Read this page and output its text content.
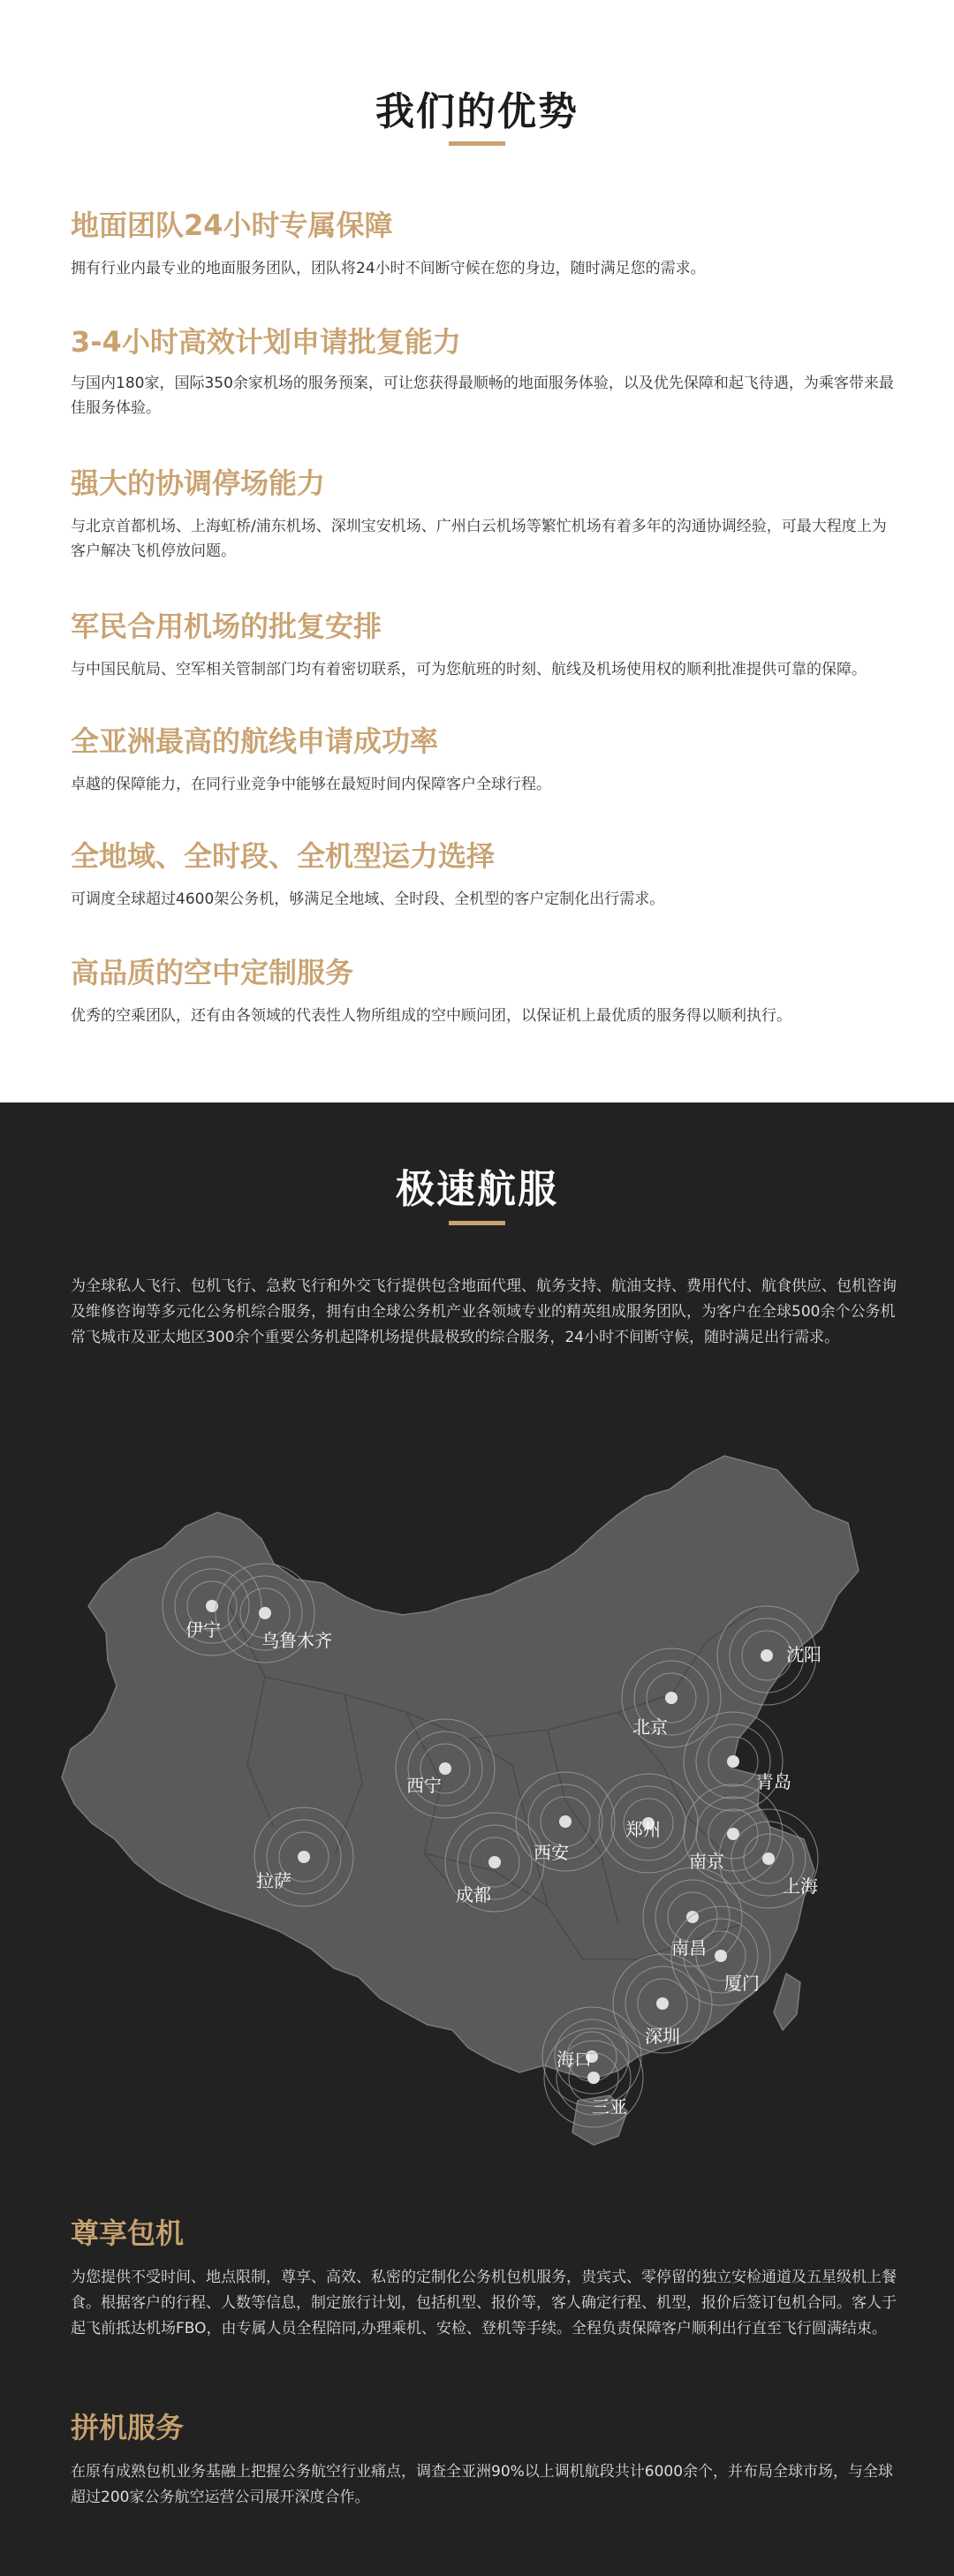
我们的优势
地面团队24小时专属保障

拥有行业内最专业的地面服务团队，团队将24小时不间断守候在您的身边，随时满足您的需求。

3-4小时高效计划申请批复能力

与国内180家，国际350余家机场的服务预案，可让您获得最顺畅的地面服务体验，以及优先保障和起飞待遇，为乘客带来最佳服务体验。

强大的协调停场能力

与北京首都机场、上海虹桥/浦东机场、深圳宝安机场、广州白云机场等繁忙机场有着多年的沟通协调经验，可最大程度上为客户解决飞机停放问题。

军民合用机场的批复安排

与中国民航局、空军相关管制部门均有着密切联系，可为您航班的时刻、航线及机场使用权的顺利批准提供可靠的保障。

全亚洲最高的航线申请成功率

卓越的保障能力，在同行业竞争中能够在最短时间内保障客户全球行程。

全地域、全时段、全机型运力选择

可调度全球超过4600架公务机，够满足全地域、全时段、全机型的客户定制化出行需求。

高品质的空中定制服务

优秀的空乘团队，还有由各领域的代表性人物所组成的空中顾问团，以保证机上最优质的服务得以顺利执行。

极速航服

为全球私人飞行、包机飞行、急救飞行和外交飞行提供包含地面代理、航务支持、航油支持、费用代付、航食供应、包机咨询及维修咨询等多元化公务机综合服务，拥有由全球公务机产业各领域专业的精英组成服务团队，为客户在全球500余个公务机常飞城市及亚太地区300余个重要公务机起降机场提供最极致的综合服务，24小时不间断守候，随时满足出行需求。

伊宁 乌鲁木齐
沈阳
北京
西宁	青岛
郑州
西安	南京
上海
拉萨
成都
南昌
厦门
深圳
海口
三亚
尊享包机

为您提供不受时间、地点限制，尊享、高效、私密的定制化公务机包机服务，贵宾式、零停留的独立安检通道及五星级机上餐食。根据客户的行程、人数等信息，制定旅行计划，包括机型、报价等，客人确定行程、机型，报价后签订包机合同。客人于起飞前抵达机场FBO，由专属人员全程陪同,办理乘机、安检、登机等手续。全程负责保障客户顺利出行直至飞行圆满结束。

拼机服务

在原有成熟包机业务基融上把握公务航空行业痛点，调查全亚洲90%以上调机航段共计6000余个，并布局全球市场，与全球超过200家公务航空运营公司展开深度合作。
